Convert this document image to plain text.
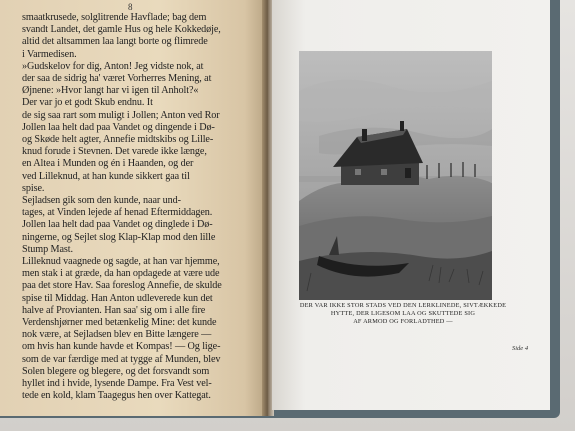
8
smaatkrusede, solglitrende Havflade; bag dem
svandt Landet, det gamle Hus og hele Kokkedøje,
altid det altsammen laa langt borte og flimrede
i Varmedisen.
»Gudskelov for dig, Anton! Jeg vidste nok, at
der saa de sidrig ha' været Vorherres Mening, at
Øjnene: »Hvor langt har vi igen til Anholt?«
Der var jo et godt Skub endnu. It
de sig saa rart som muligt i Jollen; Anton ved Ror
Jollen laa helt dad paa Vandet og dingende i Dø-
og Skøde helt agter, Annefie midtskibs og Lille-
knud forude i Stevnen. Det varede ikke længe,
en Altea i Munden og én i Haanden, og der
ved Lilleknud, at han kunde sikkert gaa til
spise.
Sejladsen gik som den kunde, naar und-
tages, at Vinden lejede af henad Eftermiddagen.
Jollen laa helt dad paa Vandet og dinglede i Dø-
ningerne, og Sejlet slog Klap-Klap mod den lille
Stump Mast.
Lilleknud vaagnede og sagde, at han var hjemme,
men stak i at græde, da han opdagede at være ude
paa det store Hav. Saa foreslog Annefie, de skulde
spise til Middag. Han Anton udleverede kun det
halve af Provianten. Han saa' sig om i alle fire
Verdenshjørner med betænkelig Mine: det kunde
nok være, at Sejladsen blev en Bitte længere —
om hvis han kunde havde et Kompas! — Og lige-
som de var færdige med at tygge af Munden, blev
Solen blegere og blegere, og det forsvandt som
hyllet ind i hvide, lysende Dampe. Fra Vest vel-
tede en kold, klam Taagegus hen over Kattegat.
DER VAR IKKE STOR STADS VED DEN LERKLINEDE, SIVTÆKKEDE
HYTTE, DER LIGESOM LAA OG SKUTTEDE SIG
AF ARMOD OG FORLADTHED —
Side 4
